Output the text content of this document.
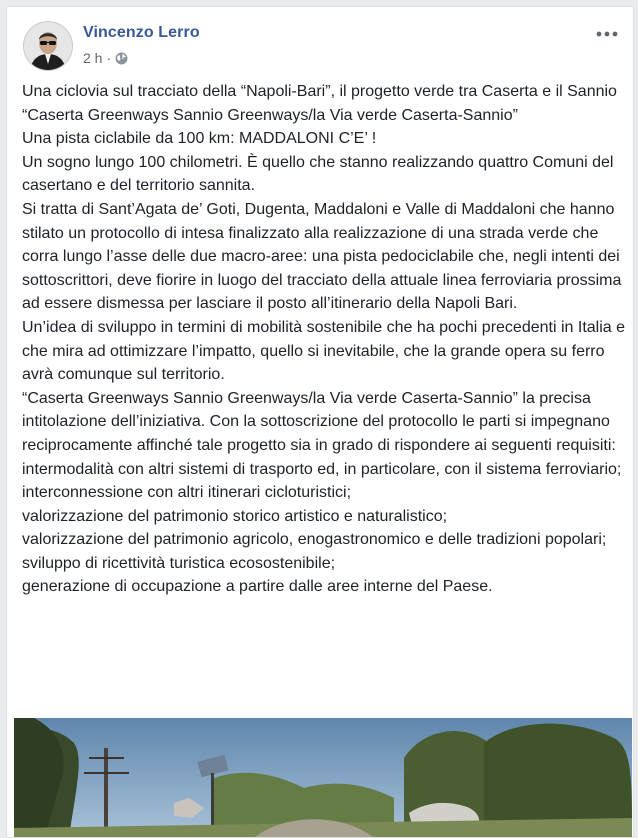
Vincenzo Lerro
2 h ·

Una ciclovia sul tracciato della “Napoli-Bari”, il progetto verde tra Caserta e il Sannio

“Caserta Greenways Sannio Greenways/la Via verde Caserta-Sannio”

Una pista ciclabile da 100 km: MADDALONI C’E’ !

Un sogno lungo 100 chilometri. È quello che stanno realizzando quattro Comuni del casertano e del territorio sannita.

Si tratta di Sant’Agata de’ Goti, Dugenta, Maddaloni e Valle di Maddaloni che hanno stilato un protocollo di intesa finalizzato alla realizzazione di una strada verde che corra lungo l’asse delle due macro-aree: una pista pedociclabile che, negli intenti dei sottoscrittori, deve fiorire in luogo del tracciato della attuale linea ferroviaria prossima ad essere dismessa per lasciare il posto all’itinerario della Napoli Bari.

Un’idea di sviluppo in termini di mobilità sostenibile che ha pochi precedenti in Italia e che mira ad ottimizzare l’impatto, quello si inevitabile, che la grande opera su ferro avrà comunque sul territorio.

“Caserta Greenways Sannio Greenways/la Via verde Caserta-Sannio” la precisa intitolazione dell’iniziativa. Con la sottoscrizione del protocollo le parti si impegnano reciprocamente affinché tale progetto sia in grado di rispondere ai seguenti requisiti:

intermodalità con altri sistemi di trasporto ed, in particolare, con il sistema ferroviario;

interconnessione con altri itinerari cicloturistici;

valorizzazione del patrimonio storico artistico e naturalistico;

valorizzazione del patrimonio agricolo, enogastronomico e delle tradizioni popolari; sviluppo di ricettività turistica ecosostenibile;

generazione di occupazione a partire dalle aree interne del Paese.
